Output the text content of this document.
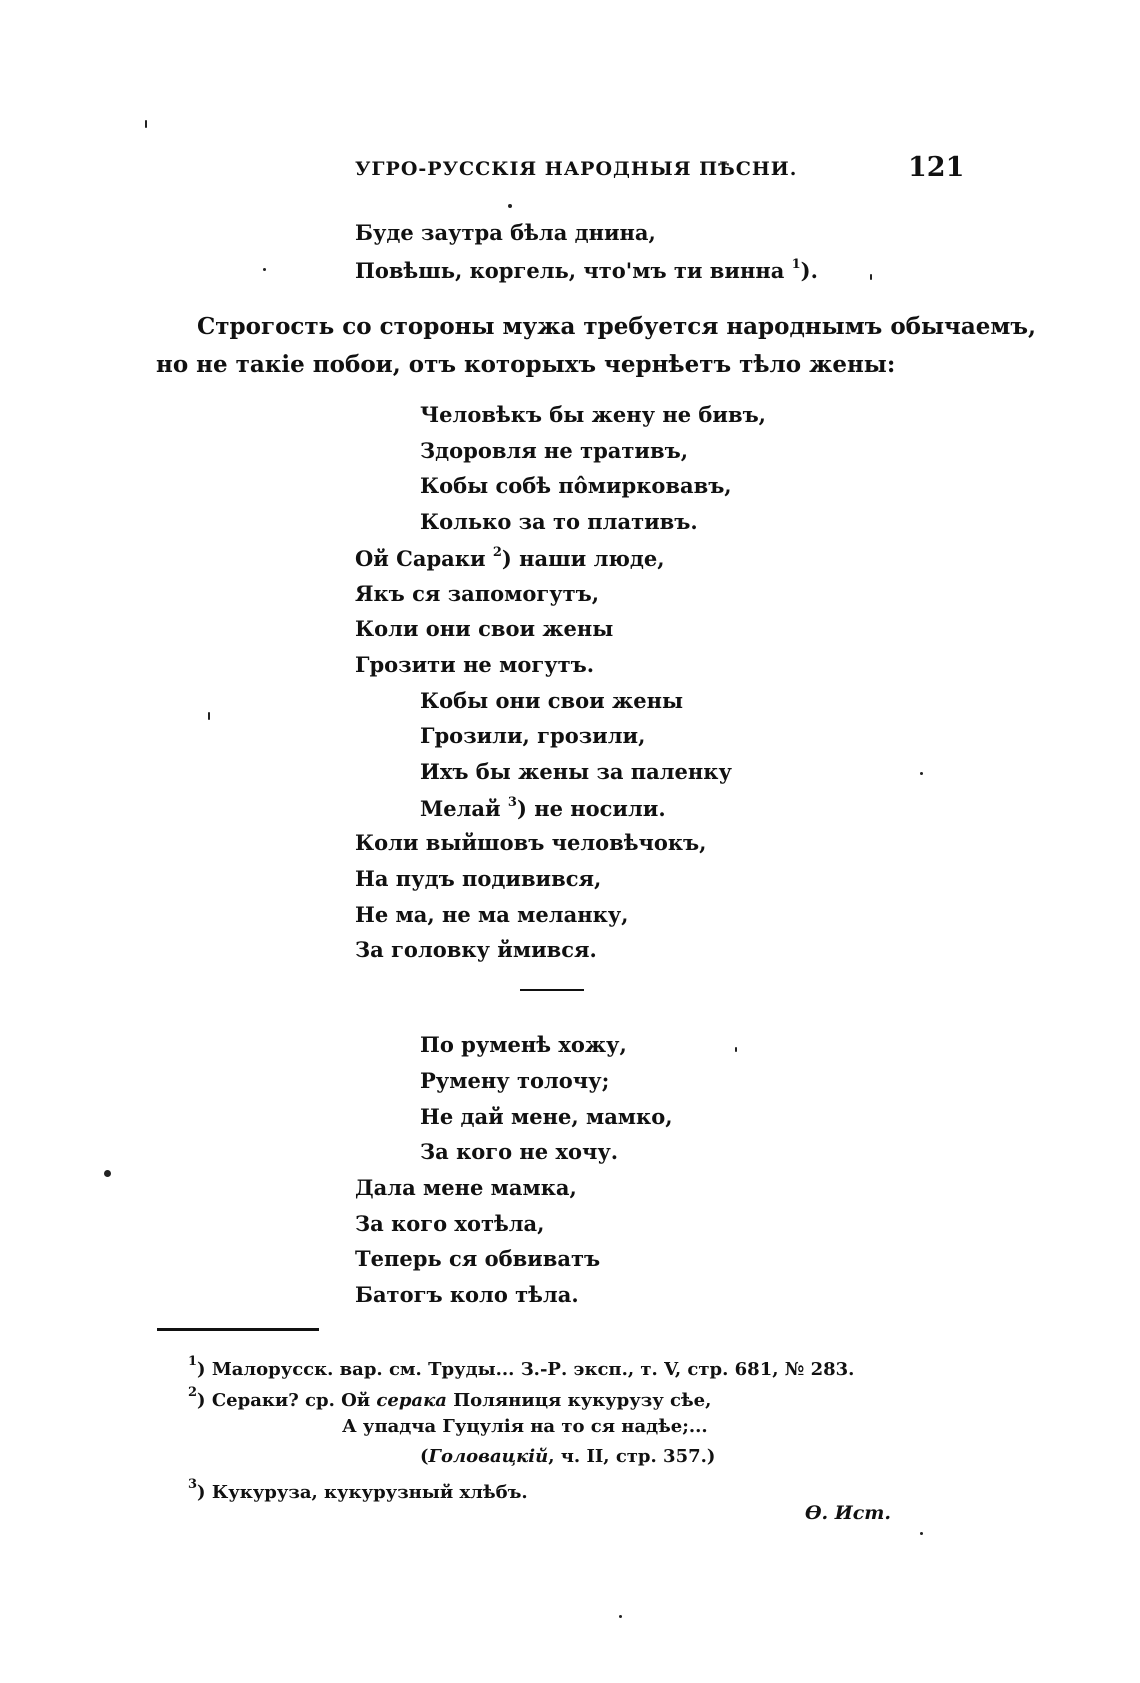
УГРО-РУССКІЯ НАРОДНЫЯ ПѢСНИ.	121
Буде заутра бѣла днина,
Повѣшь, коргель, что'мъ ти винна $^1$).
Строгость со стороны мужа требуется народнымъ обычаемъ,
но не такіе побои, отъ которыхъ чернѣетъ тѣло жены:
Человѣкъ бы жену не бивъ,
Здоровля не тративъ,
Кобы собѣ пôмирковавъ,
Колько за то плативъ.
Ой Сараки $^2$) наши люде,
Якъ ся запомогутъ,
Коли они свои жены
Грозити не могутъ.
Кобы они свои жены
Грозили, грозили,
Ихъ бы жены за паленку
Мелай $^3$) не носили.
Коли выйшовъ человѣчокъ,
На пудъ подивився,
Не ма, не ма меланку,
За головку ймився.
По руменѣ хожу,
Румену толочу;
Не дай мене, мамко,
За кого не хочу.
Дала мене мамка,
За кого хотѣла,
Теперь ся обвиватъ
Батогъ коло тѣла.
$^1$) Малорусск. вар. см. Труды... З.-Р. эксп., т. V, стр. 681, № 283.
$^2$) Сераки? ср. Ой серака Поляниця кукурузу сѣе,
А упадча Гуцулія на то ся надѣе;...
(Головацкій, ч. II, стр. 357.)
$^3$) Кукуруза, кукурузный хлѣбъ.
Ѳ. Ист.
